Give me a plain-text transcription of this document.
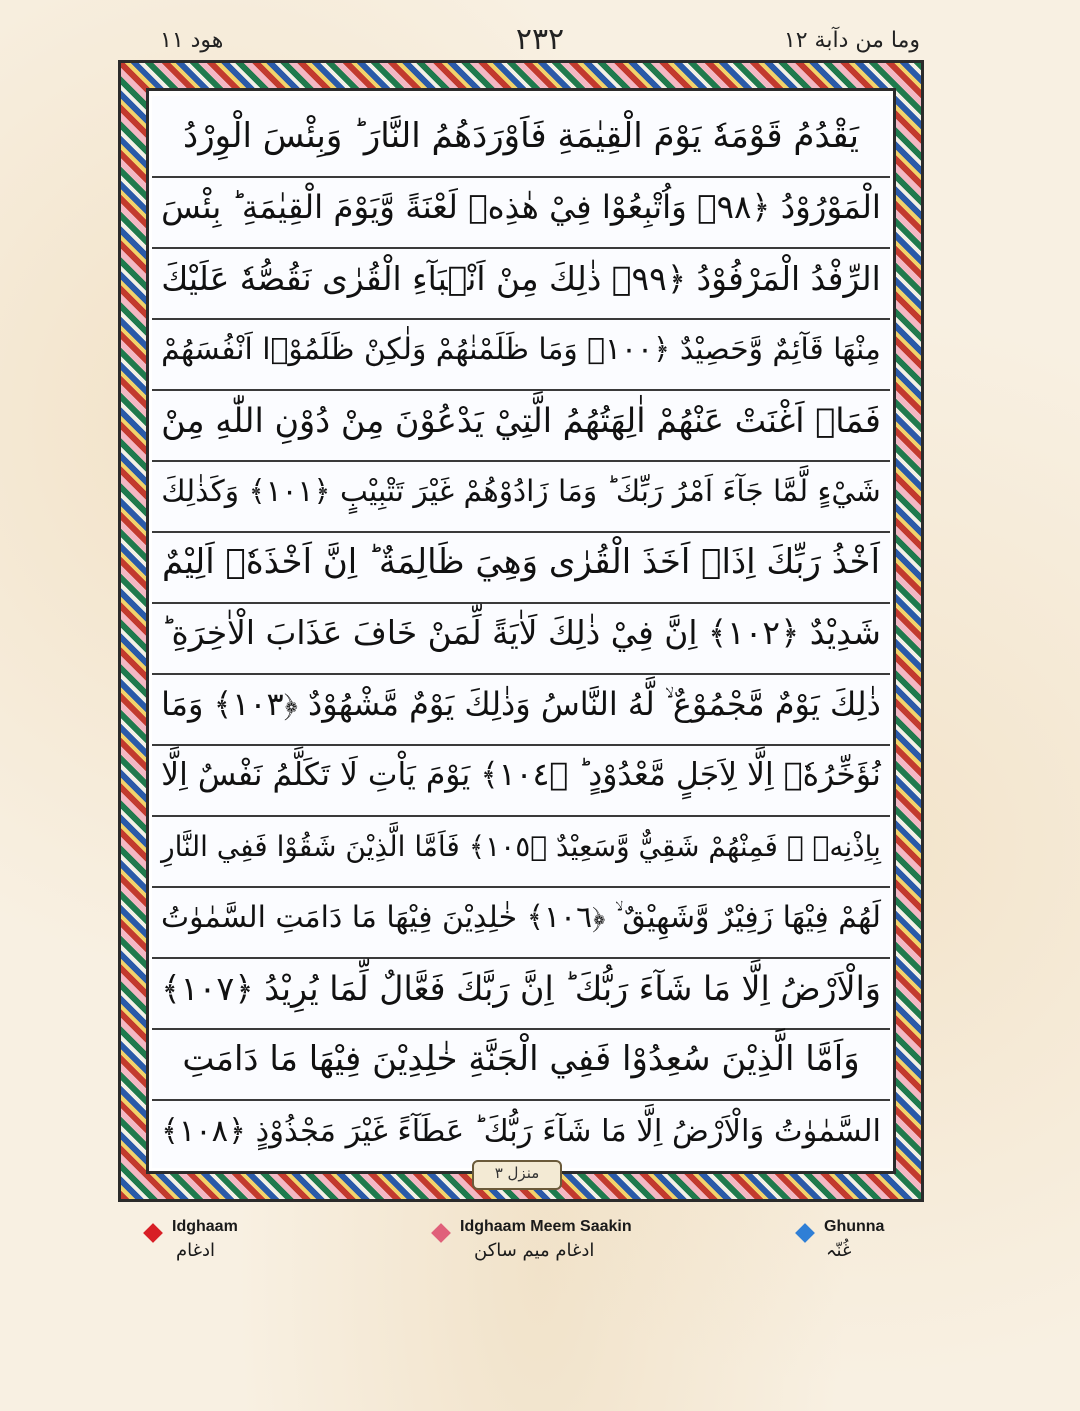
هود ١١	٢٣٢	وما من دآبة ١٢
يَقْدُمُ قَوْمَهٗ يَوْمَ الْقِيٰمَةِ فَاَوْرَدَهُمُ النَّارَ ؕ وَبِئْسَ الْوِرْدُ
الْمَوْرُوْدُ ﴿٩٨﴾ وَاُتْبِعُوْا فِيْ هٰذِهٖ لَعْنَةً وَّيَوْمَ الْقِيٰمَةِ ؕ بِئْسَ
الرِّفْدُ الْمَرْفُوْدُ ﴿٩٩﴾ ذٰلِكَ مِنْ اَنْۢبَآءِ الْقُرٰى نَقُصُّهٗ عَلَيْكَ
مِنْهَا قَآئِمٌ وَّحَصِيْدٌ ﴿١٠٠﴾ وَمَا ظَلَمْنٰهُمْ وَلٰكِنْ ظَلَمُوْۤا اَنْفُسَهُمْ
فَمَاۤ اَغْنَتْ عَنْهُمْ اٰلِهَتُهُمُ الَّتِيْ يَدْعُوْنَ مِنْ دُوْنِ اللّٰهِ مِنْ
شَيْءٍ لَّمَّا جَآءَ اَمْرُ رَبِّكَ ؕ وَمَا زَادُوْهُمْ غَيْرَ تَتْبِيْبٍ ﴿١٠١﴾ وَكَذٰلِكَ
اَخْذُ رَبِّكَ اِذَاۤ اَخَذَ الْقُرٰى وَهِيَ ظَالِمَةٌ ؕ اِنَّ اَخْذَهٗۤ اَلِيْمٌ
شَدِيْدٌ ﴿١٠٢﴾ اِنَّ فِيْ ذٰلِكَ لَاٰيَةً لِّمَنْ خَافَ عَذَابَ الْاٰخِرَةِ ؕ
ذٰلِكَ يَوْمٌ مَّجْمُوْعٌ ۙ لَّهُ النَّاسُ وَذٰلِكَ يَوْمٌ مَّشْهُوْدٌ ﴿١٠٣﴾ وَمَا
نُؤَخِّرُهٗۤ اِلَّا لِاَجَلٍ مَّعْدُوْدٍ ؕ ﴿١٠٤﴾ يَوْمَ يَاْتِ لَا تَكَلَّمُ نَفْسٌ اِلَّا
بِاِذْنِهٖ ۚ فَمِنْهُمْ شَقِيٌّ وَّسَعِيْدٌ ﴿١٠٥﴾ فَاَمَّا الَّذِيْنَ شَقُوْا فَفِي النَّارِ
لَهُمْ فِيْهَا زَفِيْرٌ وَّشَهِيْقٌ ۙ ﴿١٠٦﴾ خٰلِدِيْنَ فِيْهَا مَا دَامَتِ السَّمٰوٰتُ
وَالْاَرْضُ اِلَّا مَا شَآءَ رَبُّكَ ؕ اِنَّ رَبَّكَ فَعَّالٌ لِّمَا يُرِيْدُ ﴿١٠٧﴾
وَاَمَّا الَّذِيْنَ سُعِدُوْا فَفِي الْجَنَّةِ خٰلِدِيْنَ فِيْهَا مَا دَامَتِ
السَّمٰوٰتُ وَالْاَرْضُ اِلَّا مَا شَآءَ رَبُّكَ ؕ عَطَآءً غَيْرَ مَجْذُوْذٍ ﴿١٠٨﴾
منزل ٣
Idghaam
ادغام
Idghaam Meem Saakin
ادغام میم ساکن
Ghunna
غُنّہ
